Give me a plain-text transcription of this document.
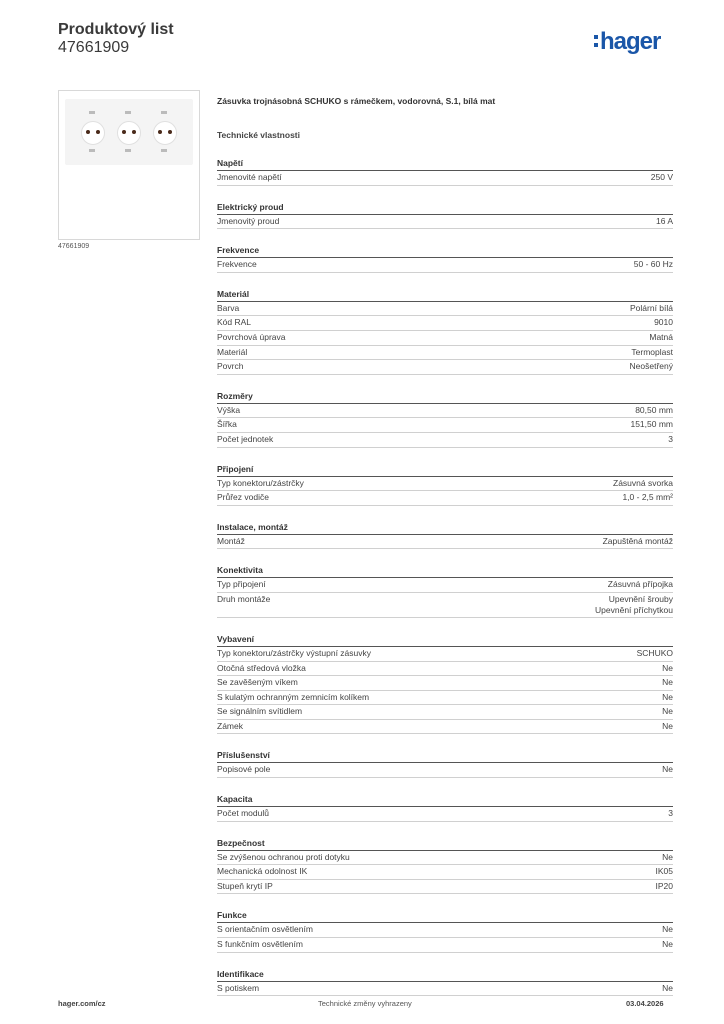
Produktový list
47661909	hager
47661909
Zásuvka trojnásobná SCHUKO s rámečkem, vodorovná, S.1, bílá mat
Technické vlastnosti
Napětí
Jmenovité napětí	250 V
Elektrický proud
Jmenovitý proud	16 A
Frekvence
Frekvence	50 - 60 Hz
Materiál
Barva	Polární bílá
Kód RAL	9010
Povrchová úprava	Matná
Materiál	Termoplast
Povrch	Neošetřený
Rozměry
Výška	80,50 mm
Šířka	151,50 mm
Počet jednotek	3
Připojení
Typ konektoru/zástrčky	Zásuvná svorka
Průřez vodiče	1,0 - 2,5 mm²
Instalace, montáž
Montáž	Zapuštěná montáž
Konektivita
Typ připojení	Zásuvná přípojka
Druh montáže	Upevnění šrouby
Upevnění příchytkou
Vybavení
Typ konektoru/zástrčky výstupní zásuvky	SCHUKO
Otočná středová vložka	Ne
Se zavěšeným víkem	Ne
S kulatým ochranným zemnicím kolíkem	Ne
Se signálním svítidlem	Ne
Zámek	Ne
Příslušenství
Popisové pole	Ne
Kapacita
Počet modulů	3
Bezpečnost
Se zvýšenou ochranou proti dotyku	Ne
Mechanická odolnost IK	IK05
Stupeň krytí IP	IP20
Funkce
S orientačním osvětlením	Ne
S funkčním osvětlením	Ne
Identifikace
S potiskem	Ne
hager.com/cz	Technické změny vyhrazeny	03.04.2026
